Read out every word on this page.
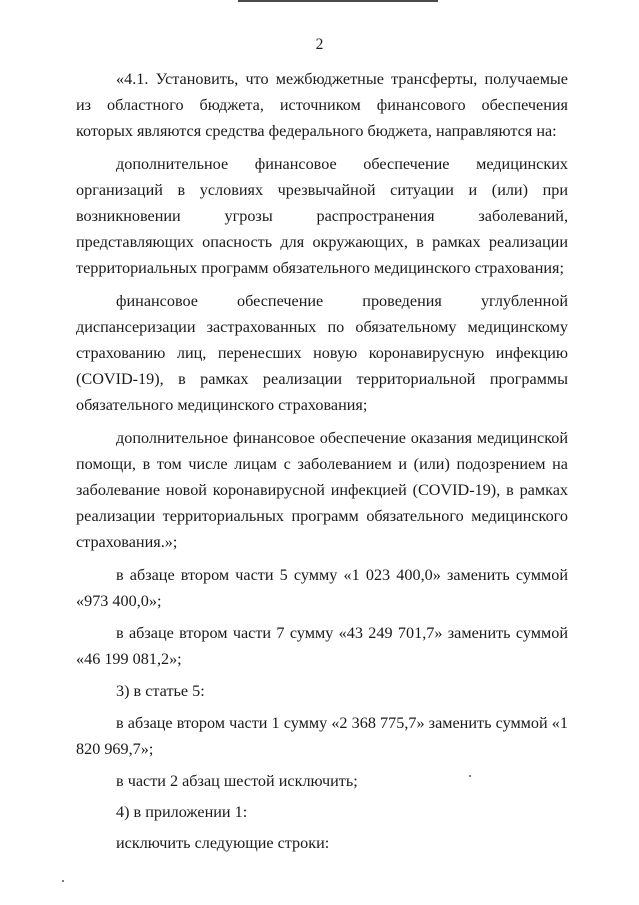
2

«4.1. Установить, что межбюджетные трансферты, получаемые из областного бюджета, источником финансового обеспечения которых являются средства федерального бюджета, направляются на:

дополнительное финансовое обеспечение медицинских организаций в условиях чрезвычайной ситуации и (или) при возникновении угрозы распространения заболеваний, представляющих опасность для окружающих, в рамках реализации территориальных программ обязательного медицинского страхования;

финансовое обеспечение проведения углубленной диспансеризации застрахованных по обязательному медицинскому страхованию лиц, перенесших новую коронавирусную инфекцию (COVID-19), в рамках реализации территориальной программы обязательного медицинского страхования;

дополнительное финансовое обеспечение оказания медицинской помощи, в том числе лицам с заболеванием и (или) подозрением на заболевание новой коронавирусной инфекцией (COVID-19), в рамках реализации территориальных программ обязательного медицинского страхования.»;

в абзаце втором части 5 сумму «1 023 400,0» заменить суммой «973 400,0»;

в абзаце втором части 7 сумму «43 249 701,7» заменить суммой «46 199 081,2»;

3) в статье 5:

в абзаце втором части 1 сумму «2 368 775,7» заменить суммой «1 820 969,7»;

в части 2 абзац шестой исключить;

4) в приложении 1:

исключить следующие строки:
